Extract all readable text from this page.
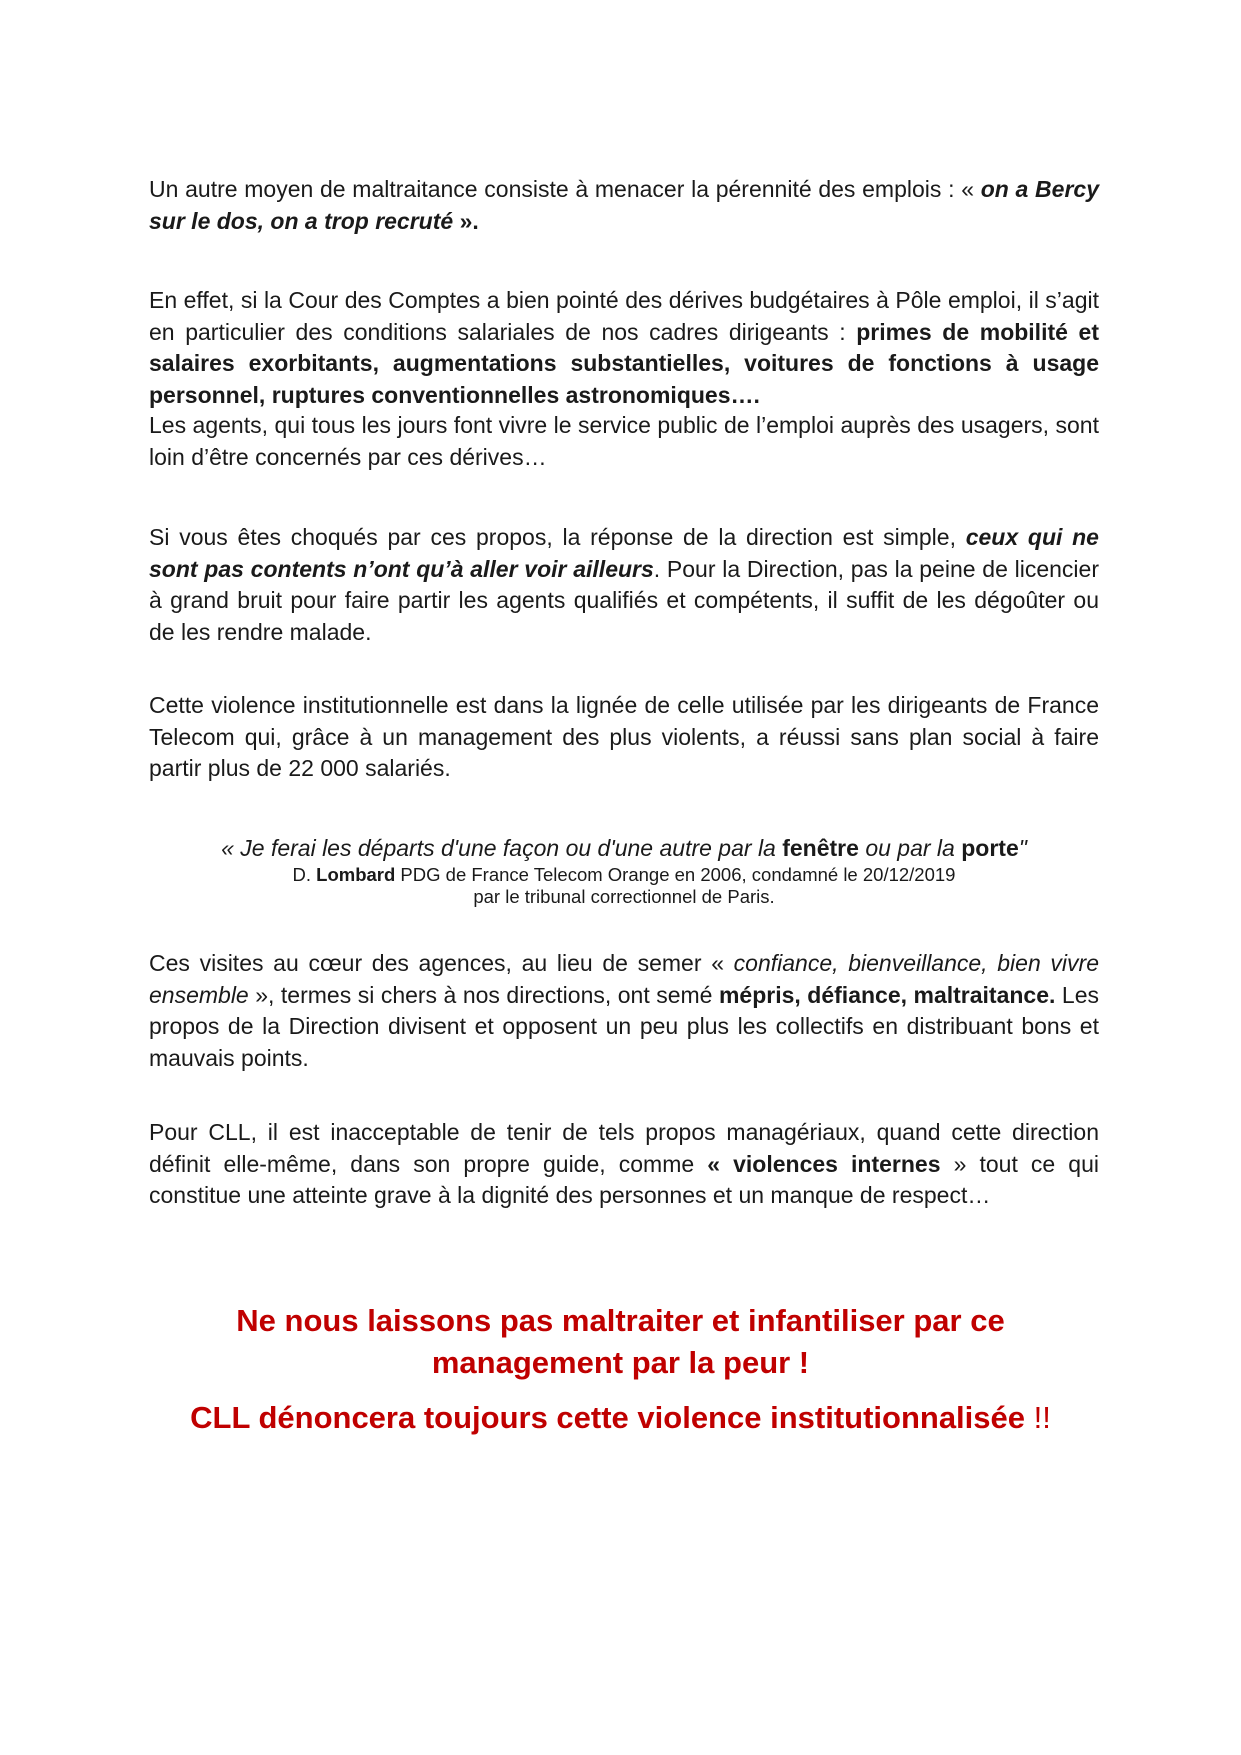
Un autre moyen de maltraitance consiste à menacer la pérennité des emplois : « on a Bercy sur le dos, on a trop recruté ».

En effet, si la Cour des Comptes a bien pointé des dérives budgétaires à Pôle emploi, il s’agit en particulier des conditions salariales de nos cadres dirigeants : primes de mobilité et salaires exorbitants, augmentations substantielles, voitures de fonctions à usage personnel, ruptures conventionnelles astronomiques….

Les agents, qui tous les jours font vivre le service public de l’emploi auprès des usagers, sont loin d’être concernés par ces dérives…

Si vous êtes choqués par ces propos, la réponse de la direction est simple, ceux qui ne sont pas contents n’ont qu’à aller voir ailleurs. Pour la Direction, pas la peine de licencier à grand bruit pour faire partir les agents qualifiés et compétents, il suffit de les dégoûter ou de les rendre malade.

Cette violence institutionnelle est dans la lignée de celle utilisée par les dirigeants de France Telecom qui, grâce à un management des plus violents, a réussi sans plan social à faire partir plus de 22 000 salariés.

« Je ferai les départs d'une façon ou d'une autre par la fenêtre ou par la porte"
D. Lombard PDG de France Telecom Orange en 2006, condamné le 20/12/2019 par le tribunal correctionnel de Paris.

Ces visites au cœur des agences, au lieu de semer « confiance, bienveillance, bien vivre ensemble », termes si chers à nos directions, ont semé mépris, défiance, maltraitance. Les propos de la Direction divisent et opposent un peu plus les collectifs en distribuant bons et mauvais points.

Pour CLL, il est inacceptable de tenir de tels propos managériaux, quand cette direction définit elle-même, dans son propre guide, comme « violences internes » tout ce qui constitue une atteinte grave à la dignité des personnes et un manque de respect…

Ne nous laissons pas maltraiter et infantiliser par ce management par la peur !

CLL dénoncera toujours cette violence institutionnalisée !!
